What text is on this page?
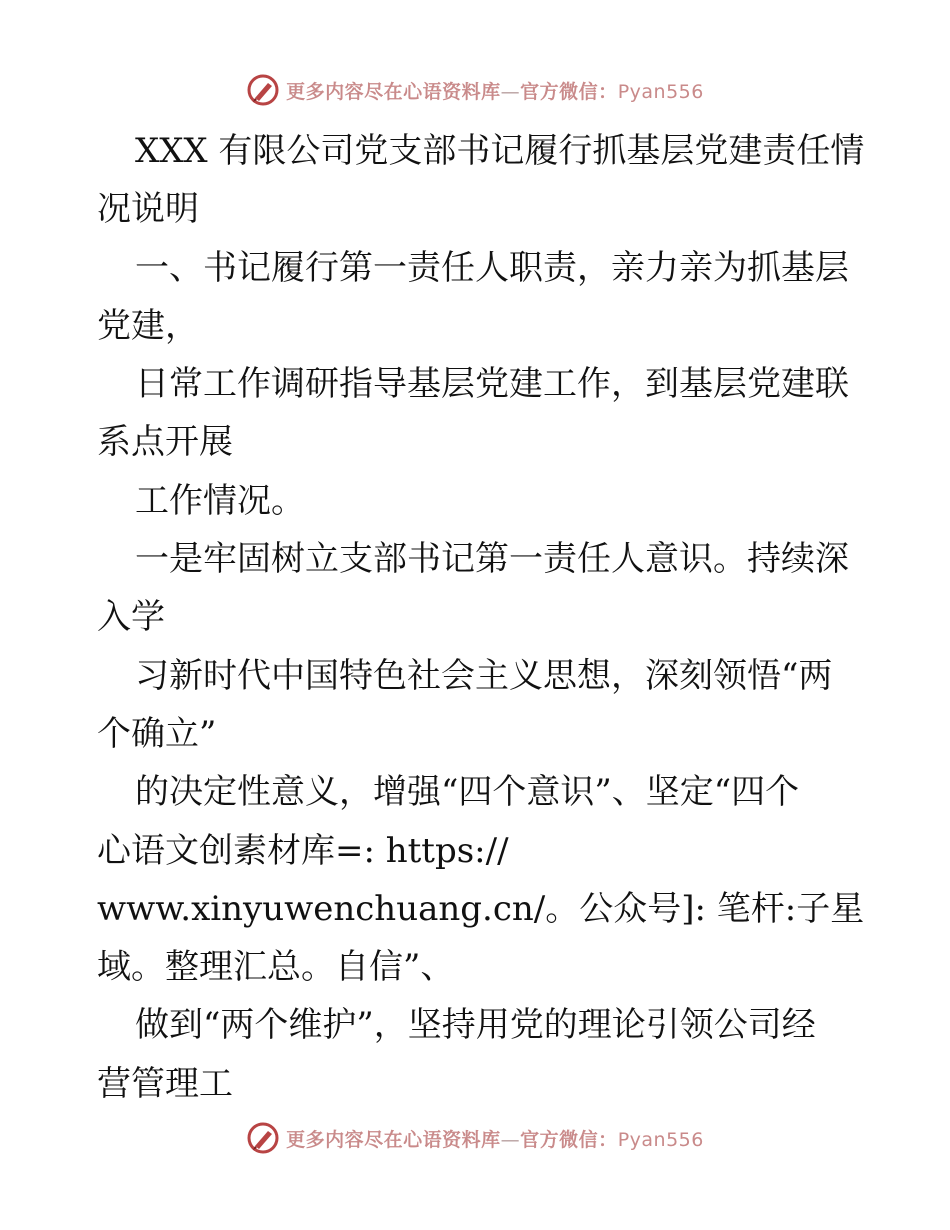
更多内容尽在心语资料库—官方微信：Pyan556
XXX 有限公司党支部书记履行抓基层党建责任情
况说明
一、书记履行第一责任人职责，亲力亲为抓基层
党建，
日常工作调研指导基层党建工作，到基层党建联
系点开展
工作情况。
一是牢固树立支部书记第一责任人意识。持续深
入学
习新时代中国特色社会主义思想，深刻领悟“两
个确立”
的决定性意义，增强“四个意识”、坚定“四个
心语文创素材库=: https://
www.xinyuwenchuang.cn/。公众号]: 笔杆:子星
域。整理汇总。自信”、
做到“两个维护”，坚持用党的理论引领公司经
营管理工
更多内容尽在心语资料库—官方微信：Pyan556
